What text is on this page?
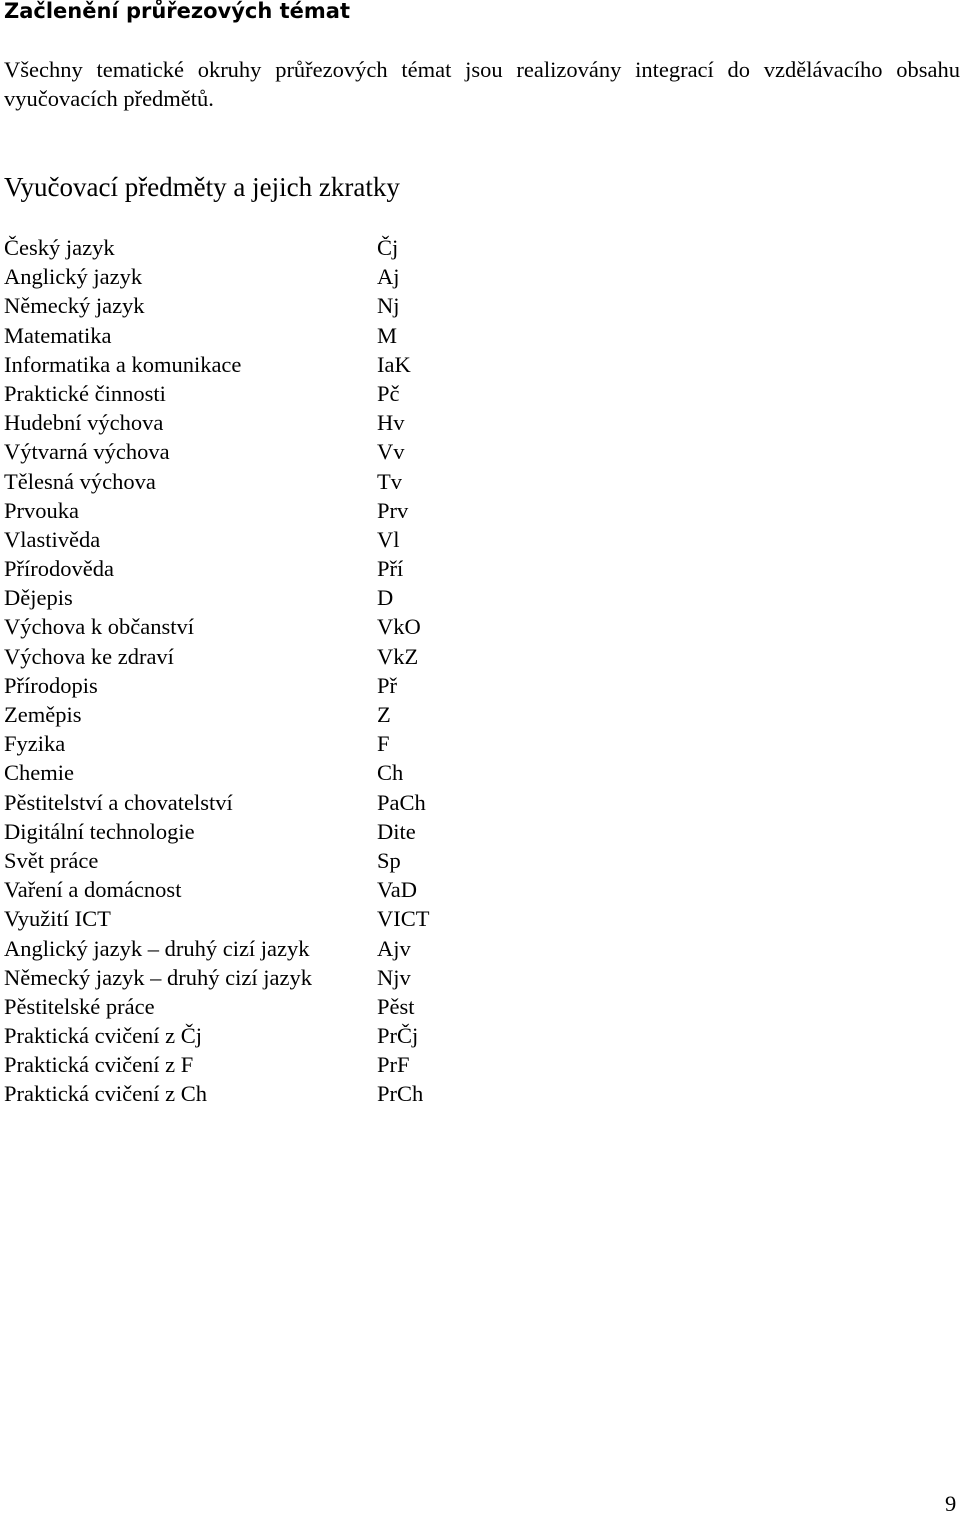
Začlenění průřezových témat

Všechny tematické okruhy průřezových témat jsou realizovány integrací do vzdělávacího obsahu vyučovacích předmětů.

Vyučovací předměty a jejich zkratky
Český jazyk	Čj
Anglický jazyk	Aj
Německý jazyk	Nj
Matematika	M
Informatika a komunikace	IaK
Praktické činnosti	Pč
Hudební výchova	Hv
Výtvarná výchova	Vv
Tělesná výchova	Tv
Prvouka	Prv
Vlastivěda	Vl
Přírodověda	Pří
Dějepis	D
Výchova k občanství	VkO
Výchova ke zdraví	VkZ
Přírodopis	Př
Zeměpis	Z
Fyzika	F
Chemie	Ch
Pěstitelství a chovatelství	PaCh
Digitální technologie	Dite
Svět práce	Sp
Vaření a domácnost	VaD
Využití ICT	VICT
Anglický jazyk – druhý cizí jazyk	Ajv
Německý jazyk – druhý cizí jazyk	Njv
Pěstitelské práce	Pěst
Praktická cvičení z Čj	PrČj
Praktická cvičení z F	PrF
Praktická cvičení z Ch	PrCh
9
